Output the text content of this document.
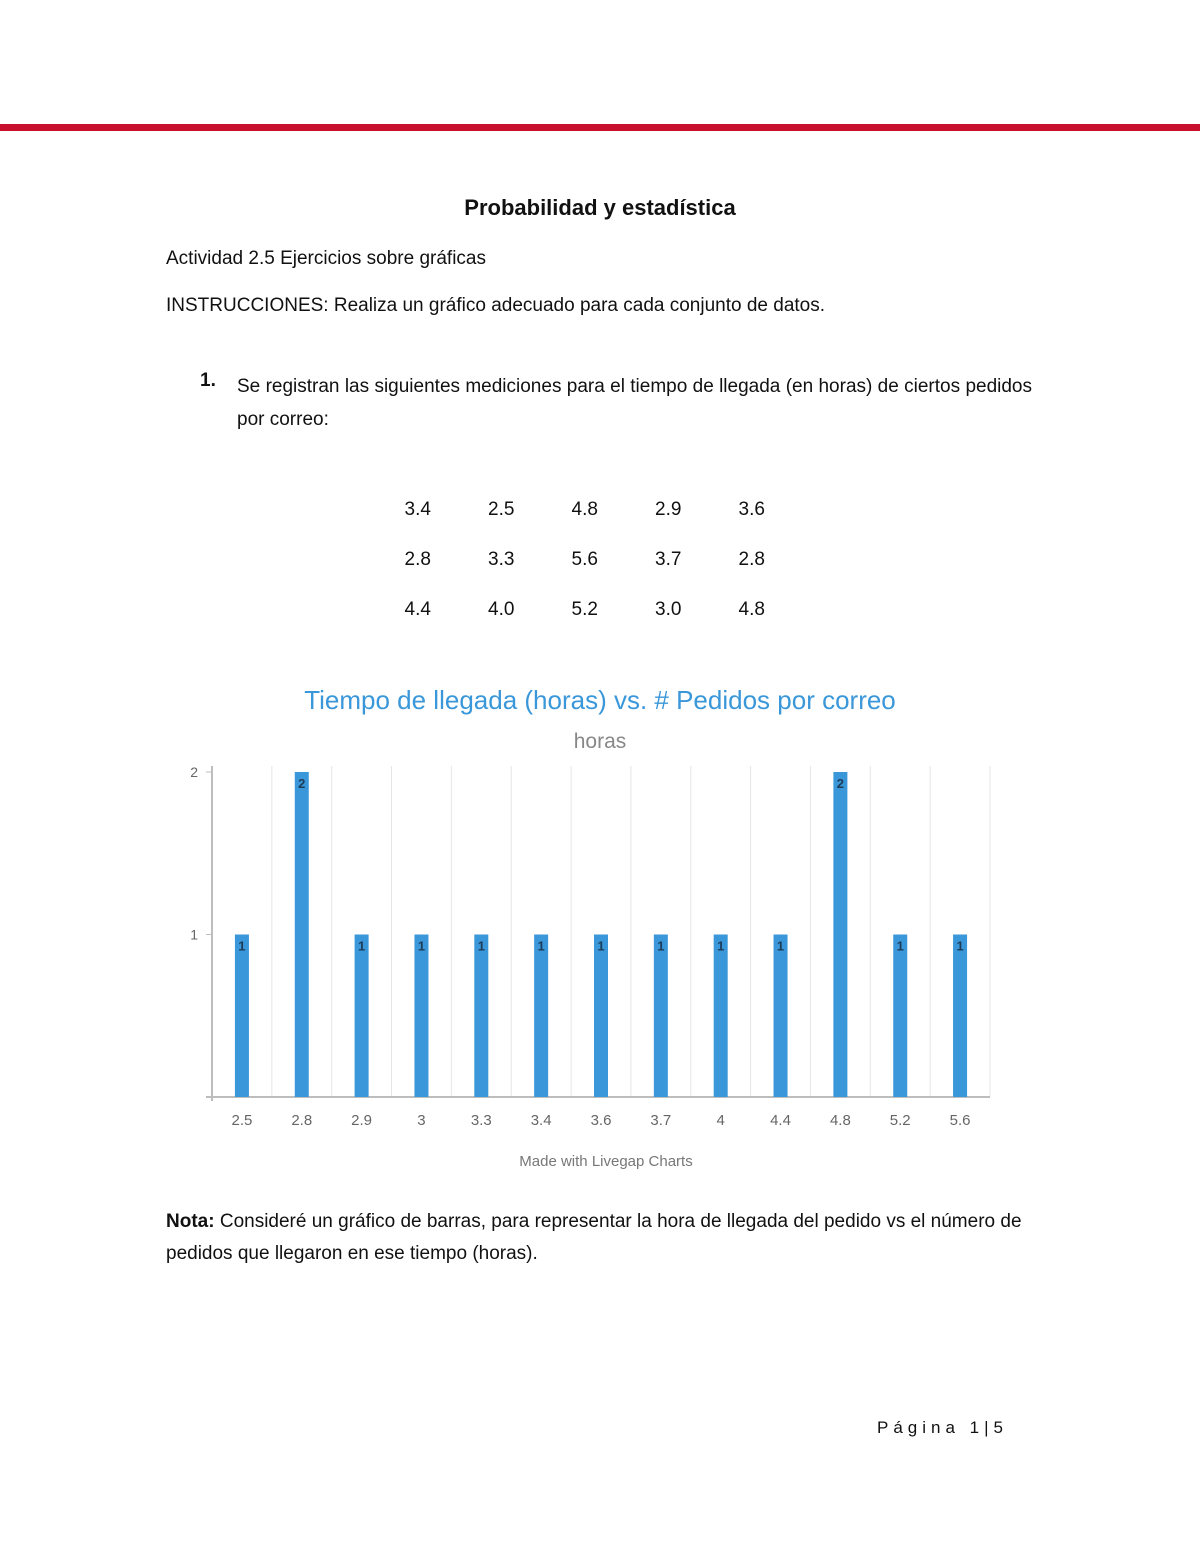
Probabilidad y estadística
Actividad 2.5 Ejercicios sobre gráficas
INSTRUCCIONES: Realiza un gráfico adecuado para cada conjunto de datos.
1. Se registran las siguientes mediciones para el tiempo de llegada (en horas) de ciertos pedidos por correo:
3.4	2.5	4.8	2.9	3.6
2.8	3.3	5.6	3.7	2.8
4.4	4.0	5.2	3.0	4.8
Tiempo de llegada (horas) vs. # Pedidos por correo
horas
1
2
1
2.5
2
2.8
1
2.9
1
3
1
3.3
1
3.4
1
3.6
1
3.7
1
4
1
4.4
2
4.8
1
5.2
1
5.6
Made with Livegap Charts
Nota: Consideré un gráfico de barras, para representar la hora de llegada del pedido vs el número de pedidos que llegaron en ese tiempo (horas).
Página 1|5
